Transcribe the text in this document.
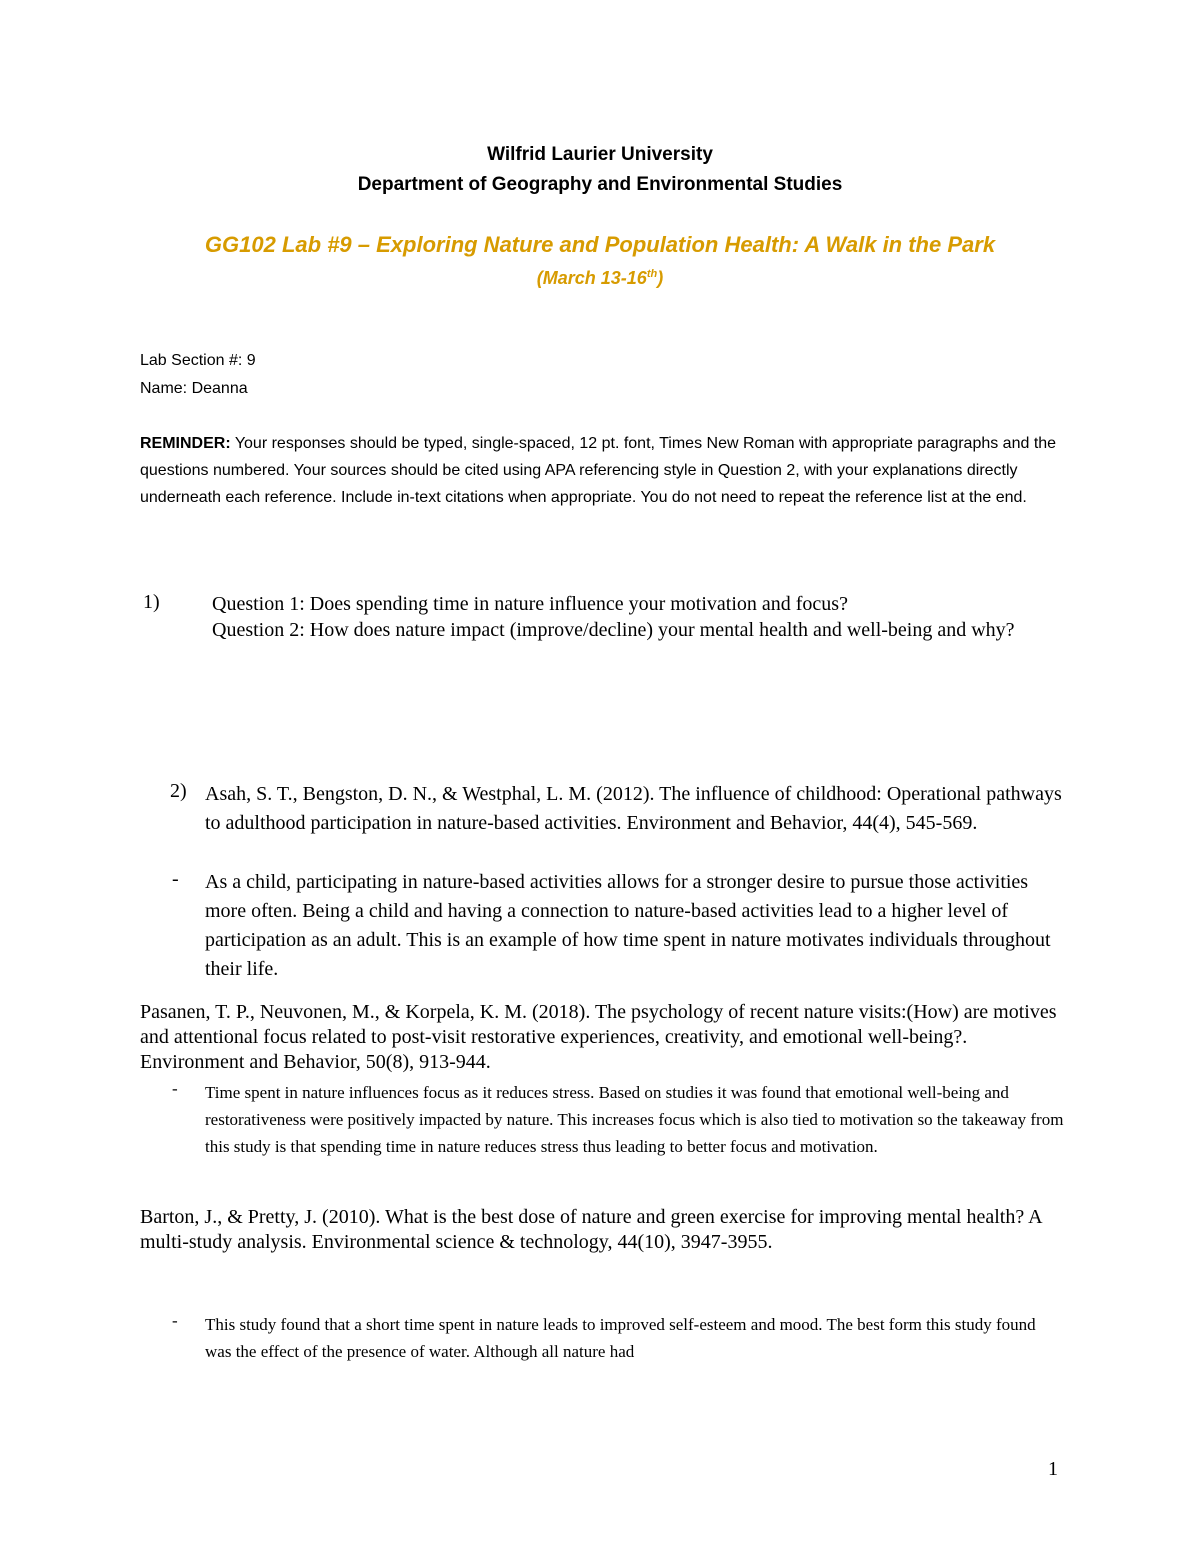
Wilfrid Laurier University
Department of Geography and Environmental Studies
GG102 Lab #9 – Exploring Nature and Population Health: A Walk in the Park
(March 13-16th)
Lab Section #: 9
Name: Deanna
REMINDER: Your responses should be typed, single-spaced, 12 pt. font, Times New Roman with appropriate paragraphs and the questions numbered. Your sources should be cited using APA referencing style in Question 2, with your explanations directly underneath each reference. Include in-text citations when appropriate. You do not need to repeat the reference list at the end.
1)	Question 1: Does spending time in nature influence your motivation and focus?
Question 2: How does nature impact (improve/decline) your mental health and well-being and why?
2) Asah, S. T., Bengston, D. N., & Westphal, L. M. (2012). The influence of childhood: Operational pathways to adulthood participation in nature-based activities. Environment and Behavior, 44(4), 545-569.
- As a child, participating in nature-based activities allows for a stronger desire to pursue those activities more often. Being a child and having a connection to nature-based activities lead to a higher level of participation as an adult. This is an example of how time spent in nature motivates individuals throughout their life.
Pasanen, T. P., Neuvonen, M., & Korpela, K. M. (2018). The psychology of recent nature visits:(How) are motives and attentional focus related to post-visit restorative experiences, creativity, and emotional well-being?. Environment and Behavior, 50(8), 913-944.
- Time spent in nature influences focus as it reduces stress. Based on studies it was found that emotional well-being and restorativeness were positively impacted by nature. This increases focus which is also tied to motivation so the takeaway from this study is that spending time in nature reduces stress thus leading to better focus and motivation.
Barton, J., & Pretty, J. (2010). What is the best dose of nature and green exercise for improving mental health? A multi-study analysis. Environmental science & technology, 44(10), 3947-3955.
- This study found that a short time spent in nature leads to improved self-esteem and mood. The best form this study found was the effect of the presence of water. Although all nature had
1
